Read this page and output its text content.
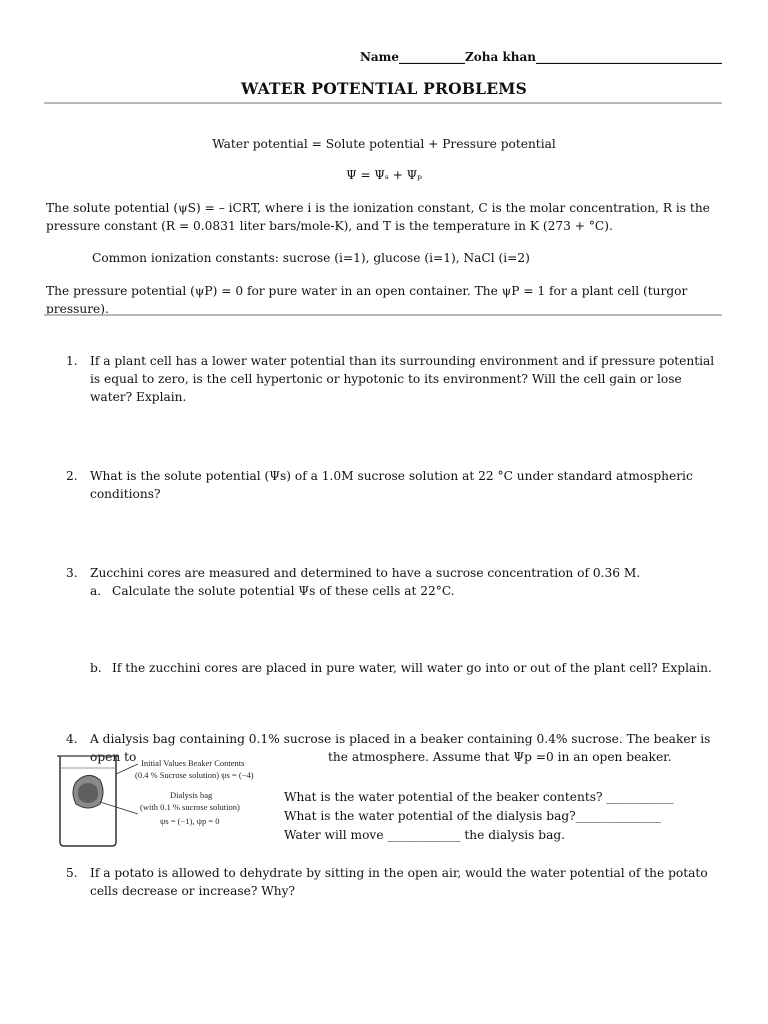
Name___________Zoha khan_______________________________
WATER POTENTIAL PROBLEMS
Water potential = Solute potential + Pressure potential
Ψ = Ψₛ + Ψₚ
The solute potential (ψS) = – iCRT, where i is the ionization constant, C is the molar concentration, R is the pressure constant (R = 0.0831 liter bars/mole-K), and T is the temperature in K (273 + °C).
Common ionization constants: sucrose (i=1), glucose (i=1), NaCl (i=2)
The pressure potential (ψP) = 0 for pure water in an open container. The ψP = 1 for a plant cell (turgor pressure).
1.	If a plant cell has a lower water potential than its surrounding environment and if pressure potential is equal to zero, is the cell hypertonic or hypotonic to its environment? Will the cell gain or lose water? Explain.
2.	What is the solute potential (Ψs) of a 1.0M sucrose solution at 22 °C under standard atmospheric conditions?
3.	Zucchini cores are measured and determined to have a sucrose concentration of 0.36 M.
a. Calculate the solute potential Ψs of these cells at 22°C.
b. If the zucchini cores are placed in pure water, will water go into or out of the plant cell? Explain.
4.	A dialysis bag containing 0.1% sucrose is placed in a beaker containing 0.4% sucrose. The beaker is open to	the atmosphere. Assume that Ψp =0 in an open beaker.
Initial Values Beaker Contents
(0.4 % Sucrose solution) ψs = (−4)
Dialysis bag
(with 0.1 % sucrose solution)
ψs = (−1), ψp = 0
What is the water potential of the beaker contents? ___________
What is the water potential of the dialysis bag?______________
Water will move ____________ the dialysis bag.
5.	If a potato is allowed to dehydrate by sitting in the open air, would the water potential of the potato cells decrease or increase? Why?
